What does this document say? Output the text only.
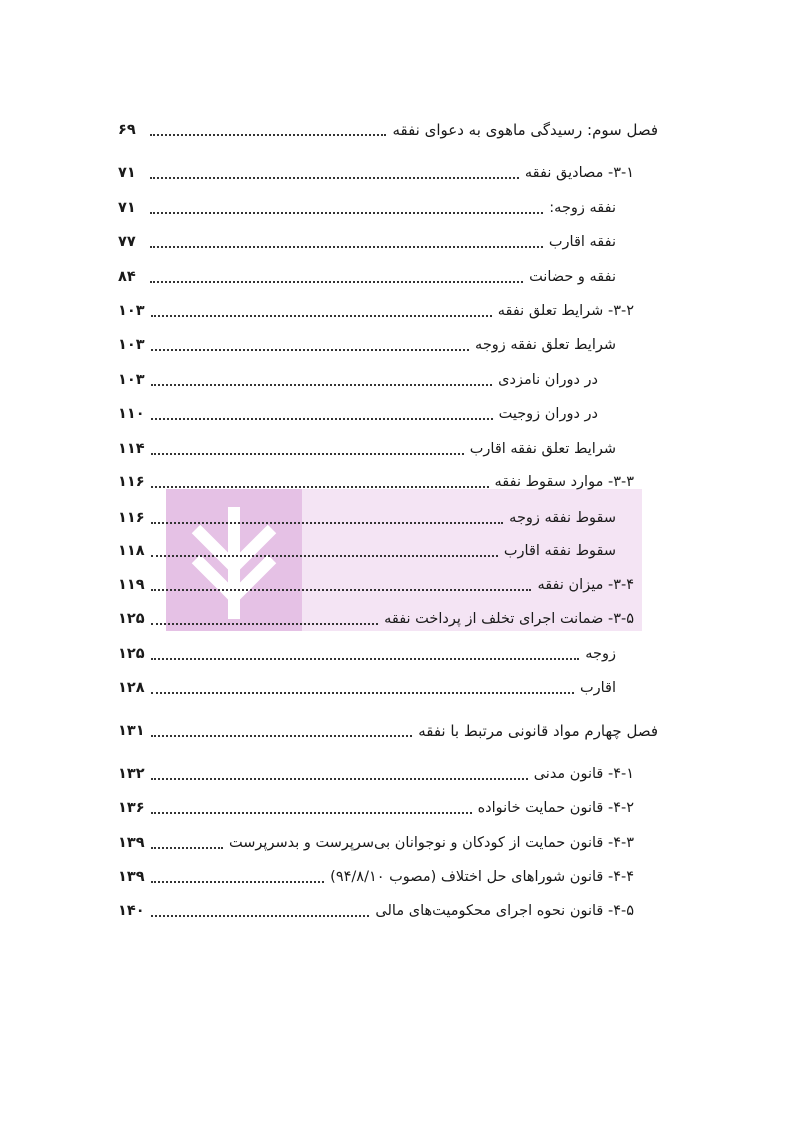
فصل سوم: رسیدگی ماهوی به دعوای نفقه
۶۹
۳-۱- مصادیق نفقه
۷۱
نفقه زوجه:
۷۱
نفقه اقارب
۷۷
نفقه و حضانت
۸۴
۳-۲- شرایط تعلق نفقه
۱۰۳
شرایط تعلق نفقه زوجه
۱۰۳
در دوران نامزدی
۱۰۳
در دوران زوجیت
۱۱۰
شرایط تعلق نفقه اقارب
۱۱۴
۳-۳- موارد سقوط نفقه
۱۱۶
سقوط نفقه زوجه
۱۱۶
سقوط نفقه اقارب
۱۱۸
۳-۴- میزان نفقه
۱۱۹
۳-۵- ضمانت اجرای تخلف از پرداخت نفقه
۱۲۵
زوجه
۱۲۵
اقارب
۱۲۸
فصل چهارم مواد قانونی مرتبط با نفقه
۱۳۱
۴-۱- قانون مدنی
۱۳۲
۴-۲- قانون حمایت خانواده
۱۳۶
۴-۳- قانون حمایت از کودکان و نوجوانان بی‌سرپرست و بدسرپرست
۱۳۹
۴-۴- قانون شوراهای حل اختلاف (مصوب ۹۴/۸/۱۰)
۱۳۹
۴-۵- قانون نحوه اجرای محکومیت‌های مالی
۱۴۰
